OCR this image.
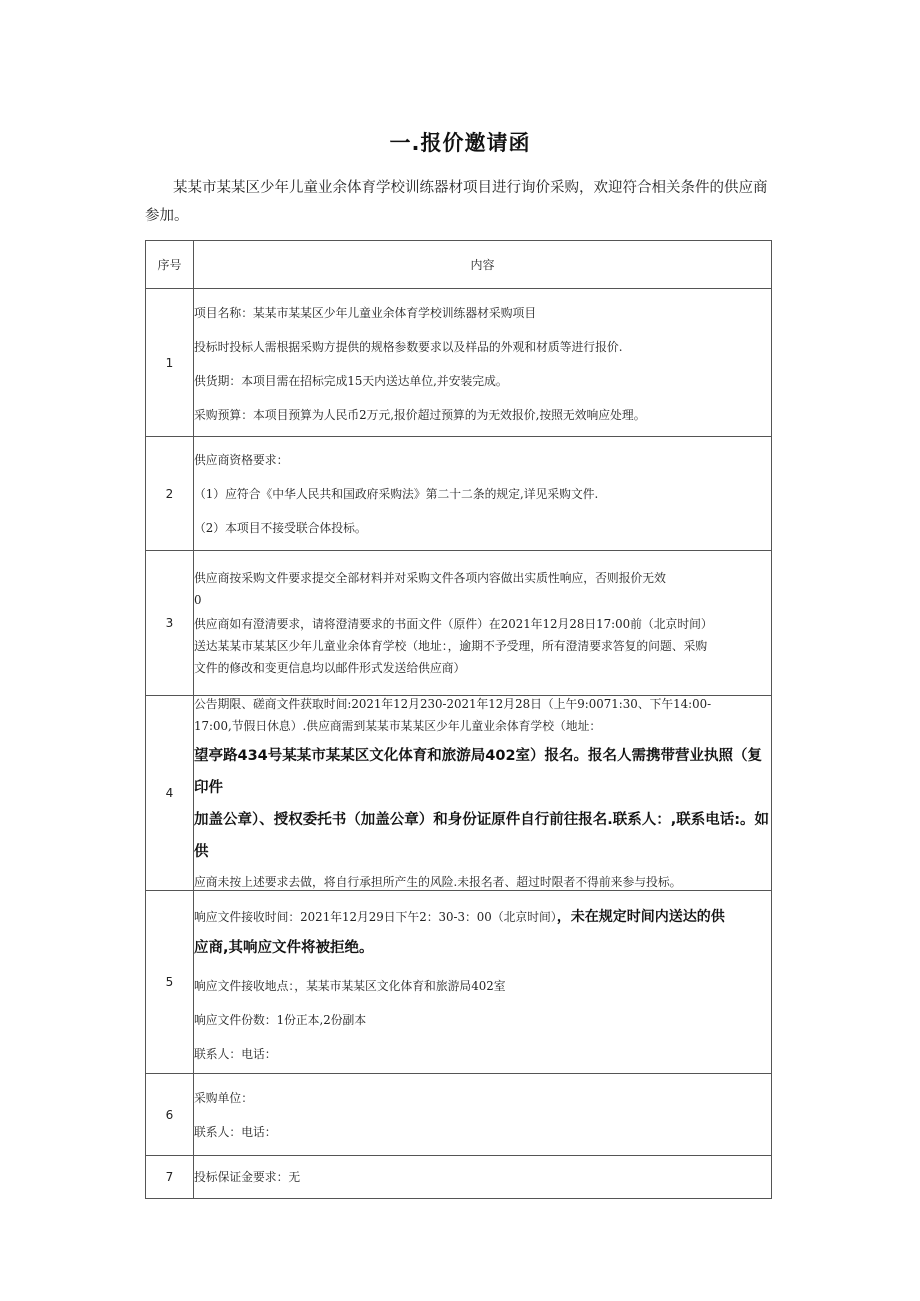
一.报价邀请函
某某市某某区少年儿童业余体育学校训练器材项目进行询价采购，欢迎符合相关条件的供应商参加。
序号	内容
1	项目名称：某某市某某区少年儿童业余体育学校训练器材采购项目

投标时投标人需根据采购方提供的规格参数要求以及样品的外观和材质等进行报价.

供货期：本项目需在招标完成15天内送达单位,并安装完成。

采购预算：本项目预算为人民币2万元,报价超过预算的为无效报价,按照无效响应处理。

2	供应商资格要求：

（1）应符合《中华人民共和国政府采购法》第二十二条的规定,详见采购文件.

（2）本项目不接受联合体投标。

3	供应商按采购文件要求提交全部材料并对采购文件各项内容做出实质性响应，否则报价无效

0

供应商如有澄清要求，请将澄清要求的书面文件（原件）在2021年12月28日17:00前（北京时间）

送达某某市某某区少年儿童业余体育学校（地址：，逾期不予受理，所有澄清要求答复的问题、采购

文件的修改和变更信息均以邮件形式发送给供应商）

4	公告期限、磋商文件获取时间:2021年12月230-2021年12月28日（上午9:0071:30、下午14:00-

17:00,节假日休息）.供应商需到某某市某某区少年儿童业余体育学校（地址：

望亭路434号某某市某某区文化体育和旅游局402室）报名。报名人需携带营业执照（复印件

加盖公章）、授权委托书（加盖公章）和身份证原件自行前往报名.联系人：,联系电话:。如供

应商未按上述要求去做，将自行承担所产生的风险.未报名者、超过时限者不得前来参与投标。

5	响应文件接收时间：2021年12月29日下午2：30-3：00（北京时间），未在规定时间内送达的供

应商,其响应文件将被拒绝。

响应文件接收地点：，某某市某某区文化体育和旅游局402室

响应文件份数：1份正本,2份副本

联系人：电话：

6	采购单位：

联系人：电话：

7	投标保证金要求：无
